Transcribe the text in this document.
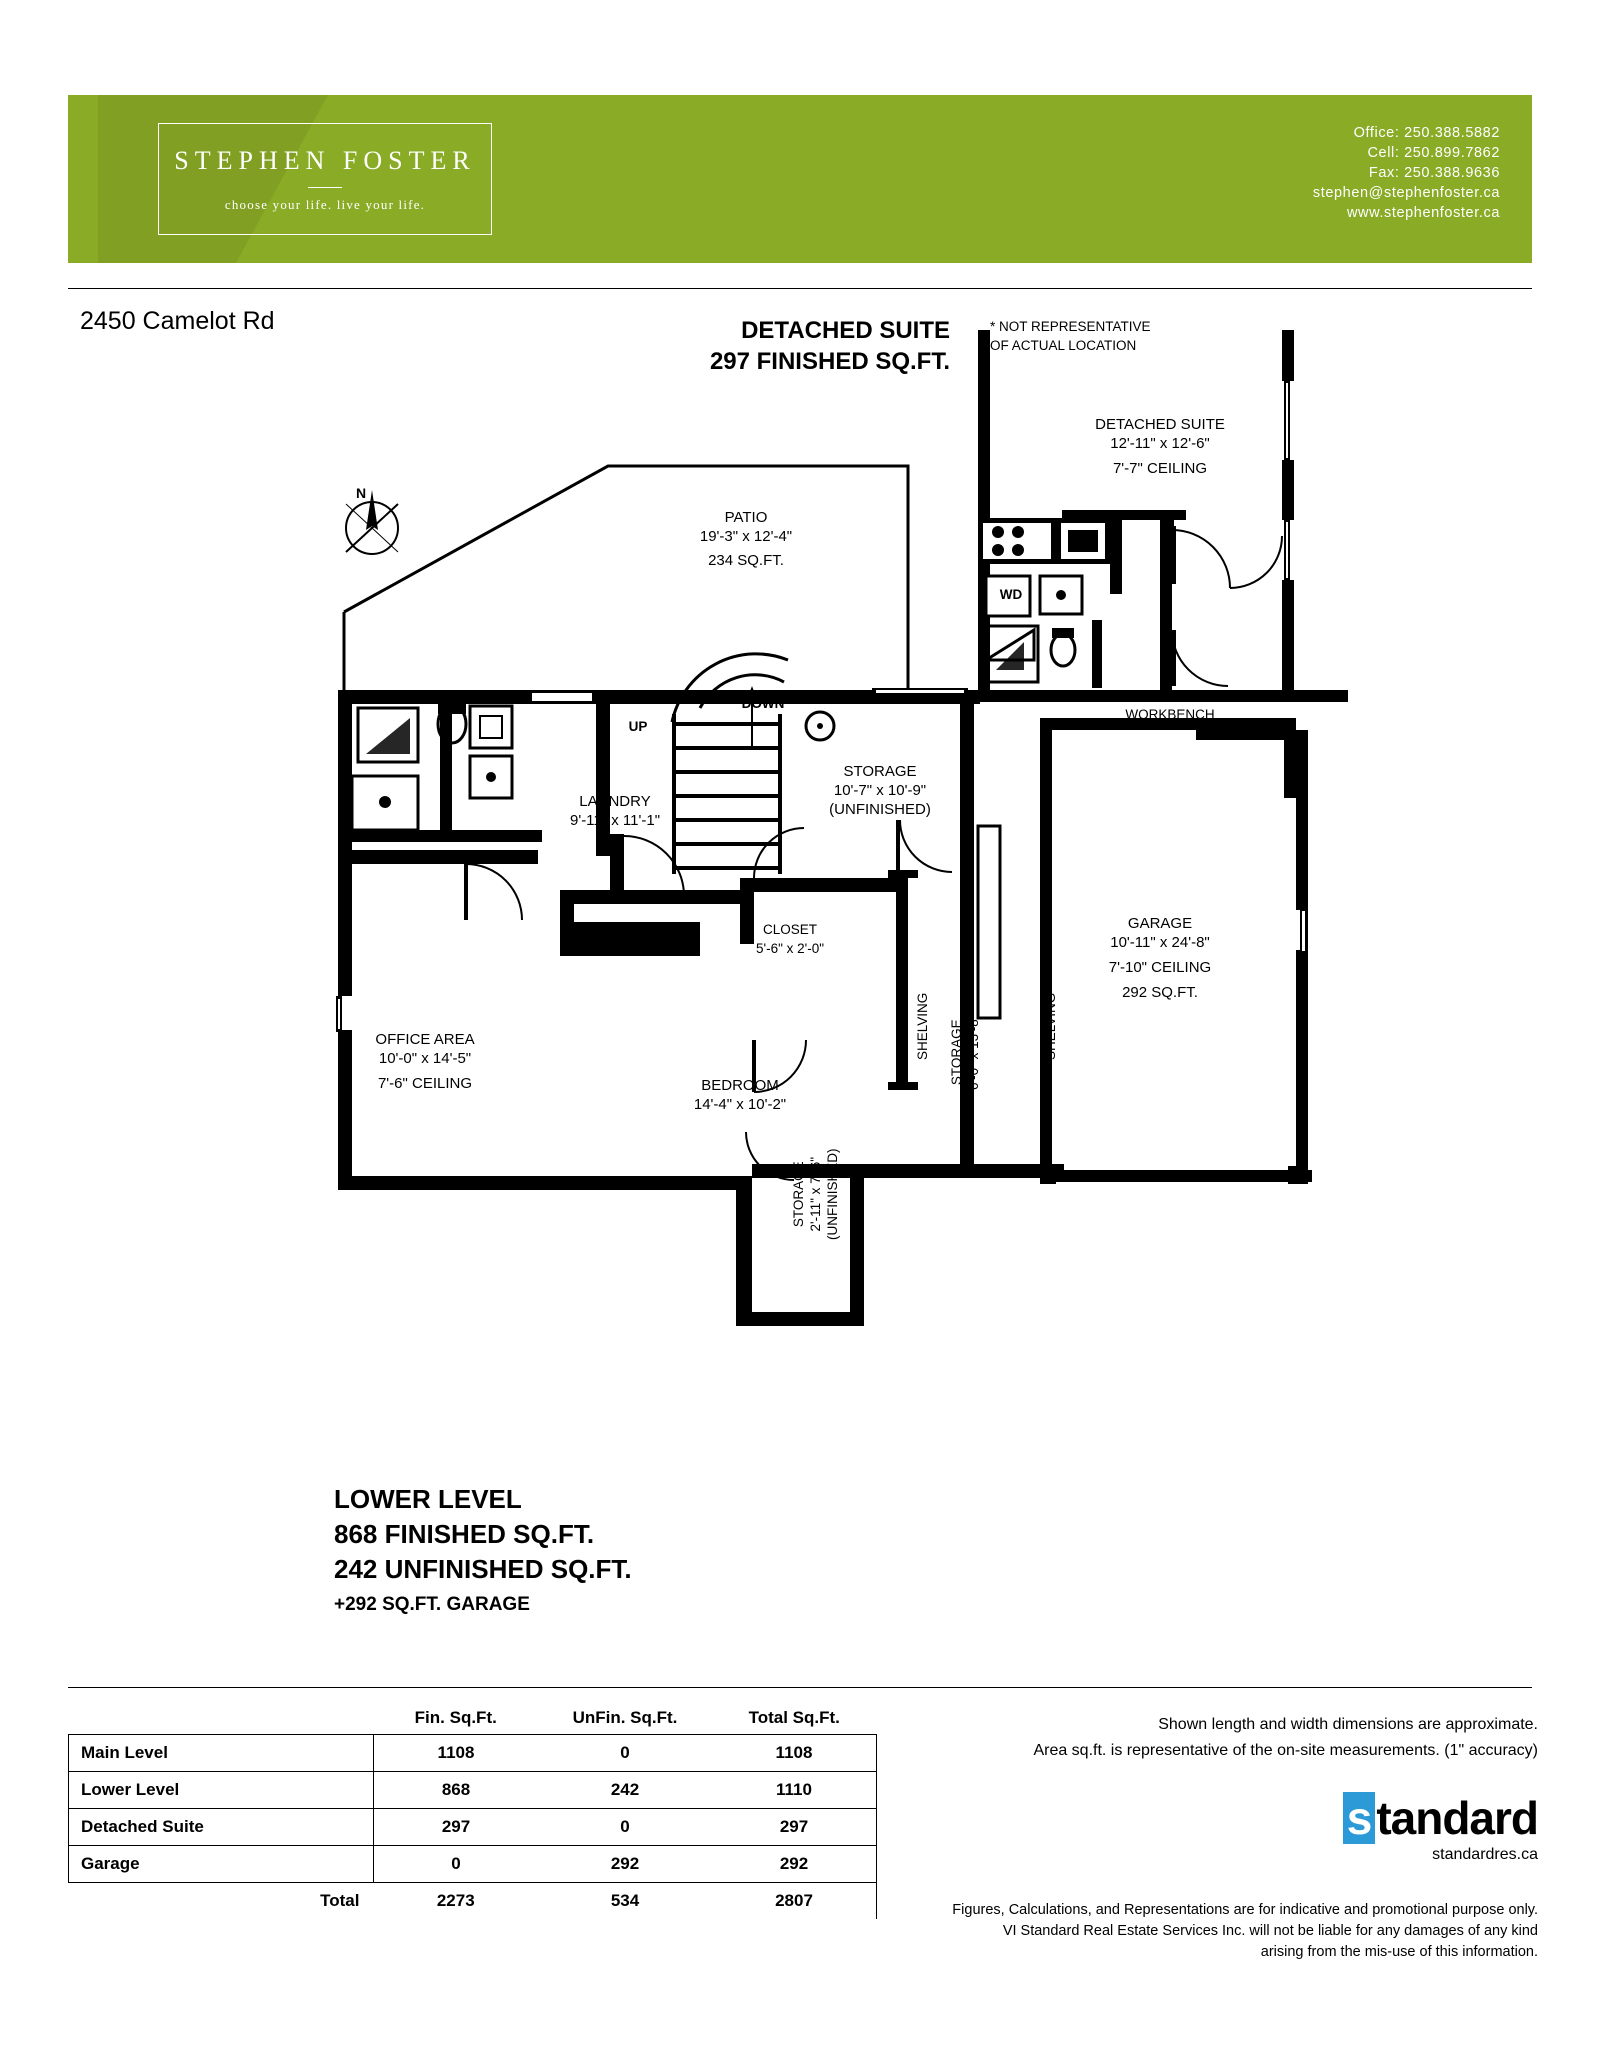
STEPHEN FOSTER
choose your life. live your life.
Office: 250.388.5882
Cell: 250.899.7862
Fax: 250.388.9636
stephen@stephenfoster.ca
www.stephenfoster.ca
2450 Camelot Rd
N
DETACHED SUITE
297 FINISHED SQ.FT.
* NOT REPRESENTATIVE
OF ACTUAL LOCATION
DETACHED SUITE
12'-11" x 12'-6"
7'-7" CEILING
WD
PATIO
19'-3" x 12'-4"
234 SQ.FT.
UP
DOWN
LAUNDRY
9'-11" x 11'-1"
STORAGE
10'-7" x 10'-9"
(UNFINISHED)
WORKBENCH
GARAGE
10'-11" x 24'-8"
7'-10" CEILING
292 SQ.FT.
CLOSET
5'-6" x 2'-0"
OFFICE AREA
10'-0" x 14'-5"
7'-6" CEILING	BEDROOM
14'-4" x 10'-2"
SHELVING	SHELVING
STORAGE 6'-0" x 13'-8"
STORAGE 2'-11" x 7'-6" (UNFINISHED)
LOWER LEVEL
868 FINISHED SQ.FT.
242 UNFINISHED SQ.FT.
+292 SQ.FT. GARAGE
	Fin. Sq.Ft.	UnFin. Sq.Ft.	Total Sq.Ft.
Main Level	1108	0	1108
Lower Level	868	242	1110
Detached Suite	297	0	297
Garage	0	292	292
Total	2273	534	2807
Shown length and width dimensions are approximate.
Area sq.ft. is representative of the on-site measurements. (1" accuracy)
s tandard
standardres.ca
Figures, Calculations, and Representations are for indicative and promotional purpose only.
VI Standard Real Estate Services Inc. will not be liable for any damages of any kind
arising from the mis-use of this information.
